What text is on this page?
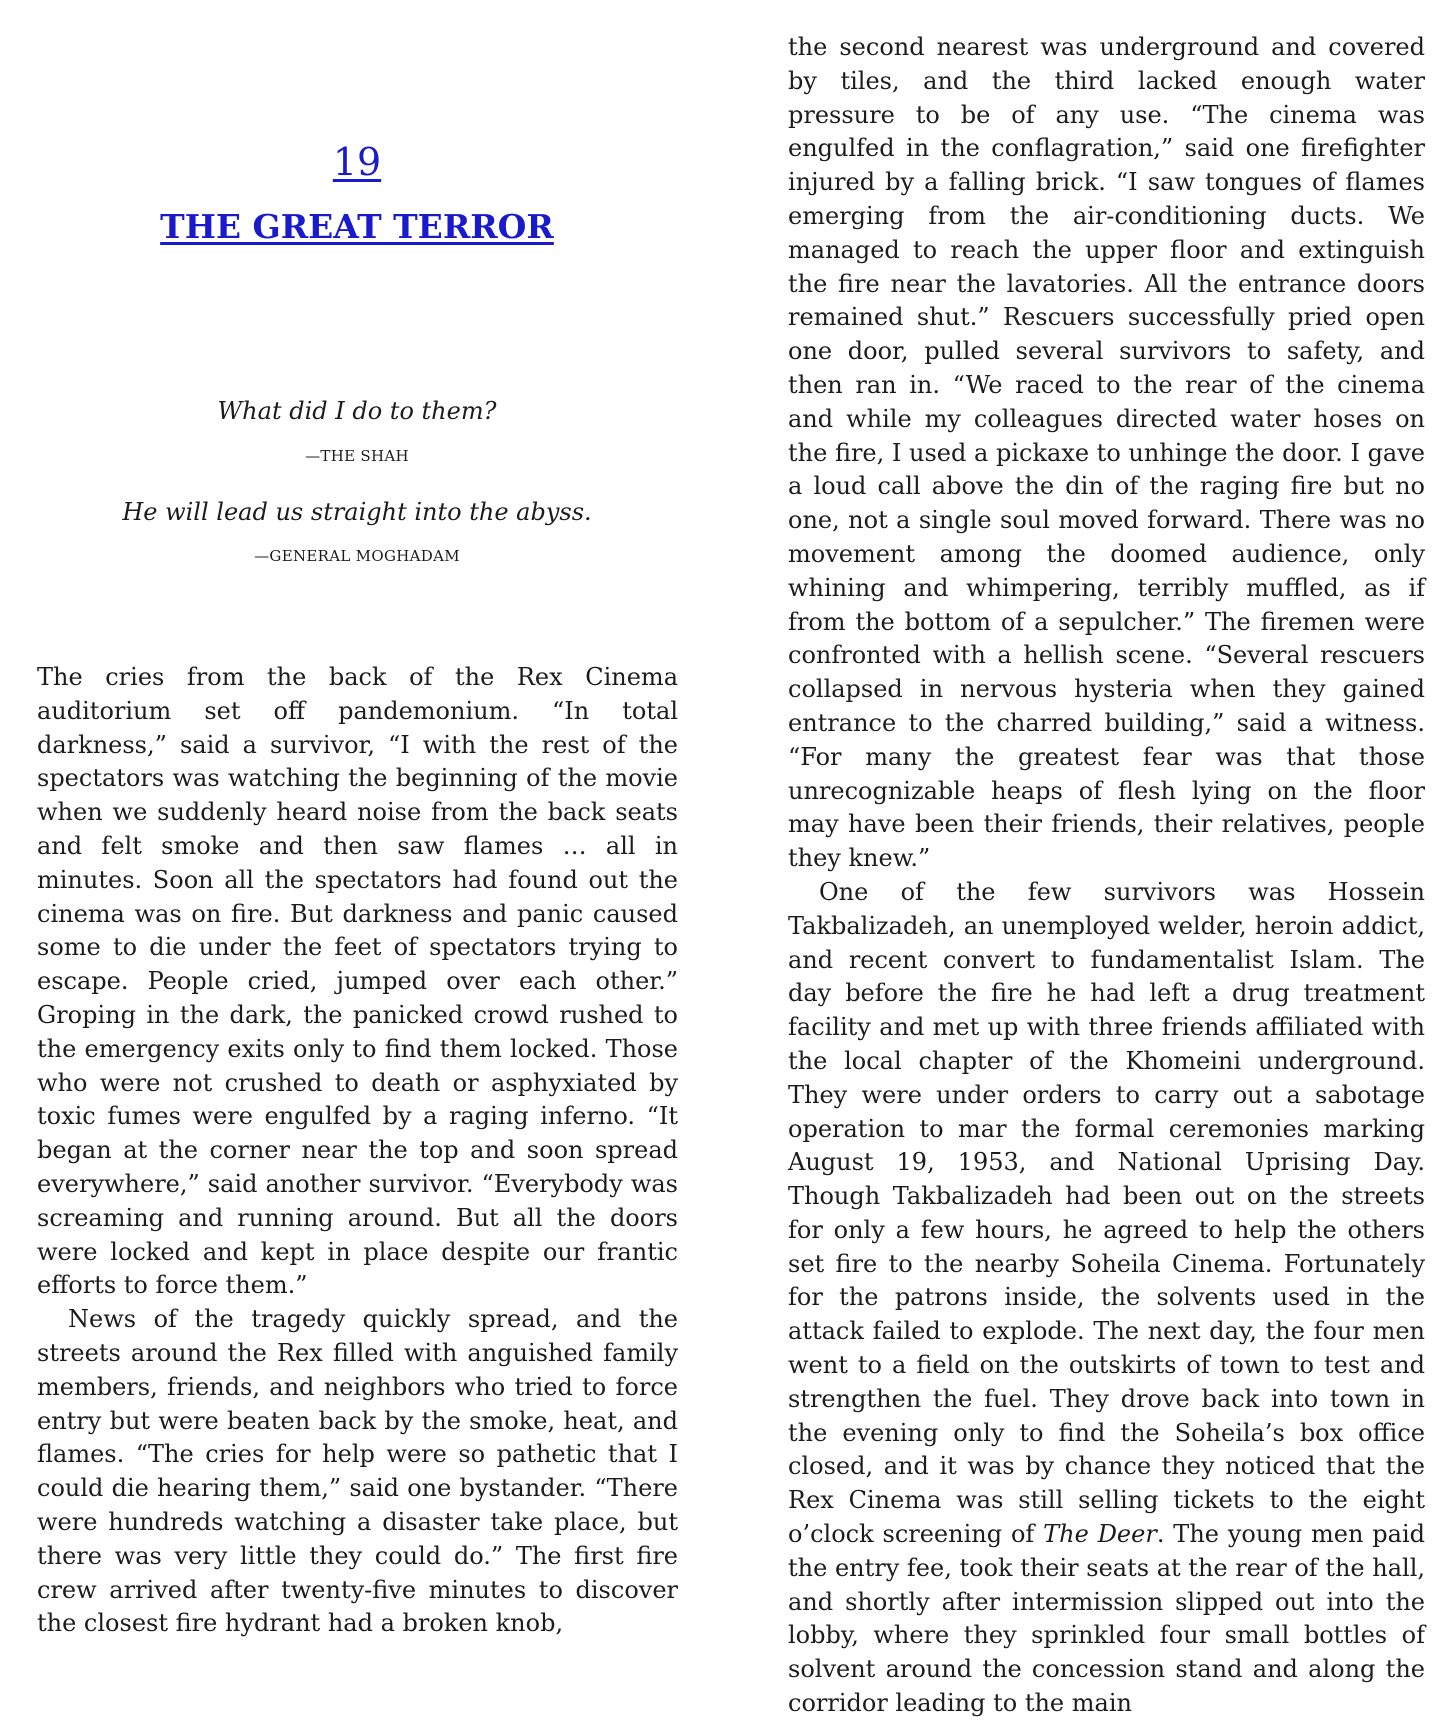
19
THE GREAT TERROR
What did I do to them?
—THE SHAH
He will lead us straight into the abyss.
—GENERAL MOGHADAM

The cries from the back of the Rex Cinema auditorium set off pandemonium. “In total darkness,” said a survivor, “I with the rest of the spectators was watching the beginning of the movie when we suddenly heard noise from the back seats and felt smoke and then saw flames … all in minutes. Soon all the spectators had found out the cinema was on fire. But darkness and panic caused some to die under the feet of spectators trying to escape. People cried, jumped over each other.” Groping in the dark, the panicked crowd rushed to the emergency exits only to find them locked. Those who were not crushed to death or asphyxiated by toxic fumes were engulfed by a raging inferno. “It began at the corner near the top and soon spread everywhere,” said another survivor. “Everybody was screaming and running around. But all the doors were locked and kept in place despite our frantic efforts to force them.”

News of the tragedy quickly spread, and the streets around the Rex filled with anguished family members, friends, and neighbors who tried to force entry but were beaten back by the smoke, heat, and flames. “The cries for help were so pathetic that I could die hearing them,” said one bystander. “There were hundreds watching a disaster take place, but there was very little they could do.” The first fire crew arrived after twenty-five minutes to discover the closest fire hydrant had a broken knob,

the second nearest was underground and covered by tiles, and the third lacked enough water pressure to be of any use. “The cinema was engulfed in the conflagration,” said one firefighter injured by a falling brick. “I saw tongues of flames emerging from the air-conditioning ducts. We managed to reach the upper floor and extinguish the fire near the lavatories. All the entrance doors remained shut.” Rescuers successfully pried open one door, pulled several survivors to safety, and then ran in. “We raced to the rear of the cinema and while my colleagues directed water hoses on the fire, I used a pickaxe to unhinge the door. I gave a loud call above the din of the raging fire but no one, not a single soul moved forward. There was no movement among the doomed audience, only whining and whimpering, terribly muffled, as if from the bottom of a sepulcher.” The firemen were confronted with a hellish scene. “Several rescuers collapsed in nervous hysteria when they gained entrance to the charred building,” said a witness. “For many the greatest fear was that those unrecognizable heaps of flesh lying on the floor may have been their friends, their relatives, people they knew.”

One of the few survivors was Hossein Takbalizadeh, an unemployed welder, heroin addict, and recent convert to fundamentalist Islam. The day before the fire he had left a drug treatment facility and met up with three friends affiliated with the local chapter of the Khomeini underground. They were under orders to carry out a sabotage operation to mar the formal ceremonies marking August 19, 1953, and National Uprising Day. Though Takbalizadeh had been out on the streets for only a few hours, he agreed to help the others set fire to the nearby Soheila Cinema. Fortunately for the patrons inside, the solvents used in the attack failed to explode. The next day, the four men went to a field on the outskirts of town to test and strengthen the fuel. They drove back into town in the evening only to find the Soheila’s box office closed, and it was by chance they noticed that the Rex Cinema was still selling tickets to the eight o’clock screening of The Deer. The young men paid the entry fee, took their seats at the rear of the hall, and shortly after intermission slipped out into the lobby, where they sprinkled four small bottles of solvent around the concession stand and along the corridor leading to the main
